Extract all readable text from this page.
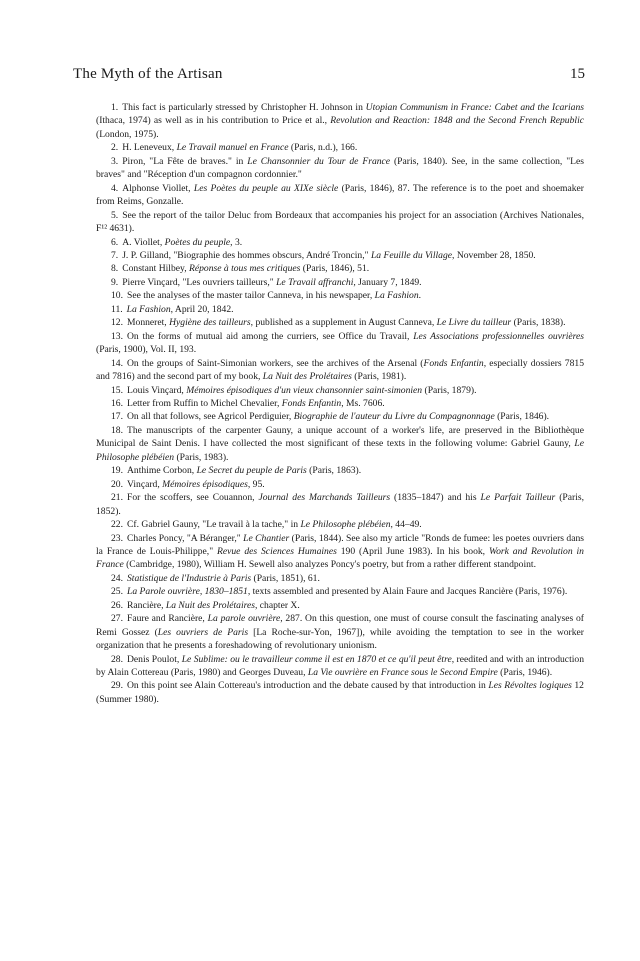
The Myth of the Artisan	15

1. This fact is particularly stressed by Christopher H. Johnson in Utopian Communism in France: Cabet and the Icarians (Ithaca, 1974) as well as in his contribution to Price et al., Revolution and Reaction: 1848 and the Second French Republic (London, 1975).

2. H. Leneveux, Le Travail manuel en France (Paris, n.d.), 166.

3. Piron, "La Fête de braves." in Le Chansonnier du Tour de France (Paris, 1840). See, in the same collection, "Les braves" and "Réception d'un compagnon cordonnier."

4. Alphonse Viollet, Les Poètes du peuple au XIXe siècle (Paris, 1846), 87. The reference is to the poet and shoemaker from Reims, Gonzalle.

5. See the report of the tailor Deluc from Bordeaux that accompanies his project for an association (Archives Nationales, F¹² 4631).

6. A. Viollet, Poètes du peuple, 3.

7. J. P. Gilland, "Biographie des hommes obscurs, André Troncin," La Feuille du Village, November 28, 1850.

8. Constant Hilbey, Réponse à tous mes critiques (Paris, 1846), 51.

9. Pierre Vinçard, "Les ouvriers tailleurs," Le Travail affranchi, January 7, 1849.

10. See the analyses of the master tailor Canneva, in his newspaper, La Fashion.

11. La Fashion, April 20, 1842.

12. Monneret, Hygiène des tailleurs, published as a supplement in August Canneva, Le Livre du tailleur (Paris, 1838).

13. On the forms of mutual aid among the curriers, see Office du Travail, Les Associations professionnelles ouvrières (Paris, 1900), Vol. II, 193.

14. On the groups of Saint-Simonian workers, see the archives of the Arsenal (Fonds Enfantin, especially dossiers 7815 and 7816) and the second part of my book, La Nuit des Prolétaires (Paris, 1981).

15. Louis Vinçard, Mémoires épisodiques d'un vieux chansonnier saint-simonien (Paris, 1879).

16. Letter from Ruffin to Michel Chevalier, Fonds Enfantin, Ms. 7606.

17. On all that follows, see Agricol Perdiguier, Biographie de l'auteur du Livre du Compagnonnage (Paris, 1846).

18. The manuscripts of the carpenter Gauny, a unique account of a worker's life, are preserved in the Bibliothèque Municipal de Saint Denis. I have collected the most significant of these texts in the following volume: Gabriel Gauny, Le Philosophe plébéien (Paris, 1983).

19. Anthime Corbon, Le Secret du peuple de Paris (Paris, 1863).

20. Vinçard, Mémoires épisodiques, 95.

21. For the scoffers, see Couannon, Journal des Marchands Tailleurs (1835–1847) and his Le Parfait Tailleur (Paris, 1852).

22. Cf. Gabriel Gauny, "Le travail à la tache," in Le Philosophe plébéien, 44–49.

23. Charles Poncy, "A Béranger," Le Chantier (Paris, 1844). See also my article "Ronds de fumee: les poetes ouvriers dans la France de Louis-Philippe," Revue des Sciences Humaines 190 (April June 1983). In his book, Work and Revolution in France (Cambridge, 1980), William H. Sewell also analyzes Poncy's poetry, but from a rather different standpoint.

24. Statistique de l'Industrie à Paris (Paris, 1851), 61.

25. La Parole ouvrière, 1830–1851, texts assembled and presented by Alain Faure and Jacques Rancière (Paris, 1976).

26. Rancière, La Nuit des Prolétaires, chapter X.

27. Faure and Rancière, La parole ouvrière, 287. On this question, one must of course consult the fascinating analyses of Remi Gossez (Les ouvriers de Paris [La Roche-sur-Yon, 1967]), while avoiding the temptation to see in the worker organization that he presents a foreshadowing of revolutionary unionism.

28. Denis Poulot, Le Sublime: ou le travailleur comme il est en 1870 et ce qu'il peut être, reedited and with an introduction by Alain Cottereau (Paris, 1980) and Georges Duveau, La Vie ouvrière en France sous le Second Empire (Paris, 1946).

29. On this point see Alain Cottereau's introduction and the debate caused by that introduction in Les Révoltes logiques 12 (Summer 1980).
